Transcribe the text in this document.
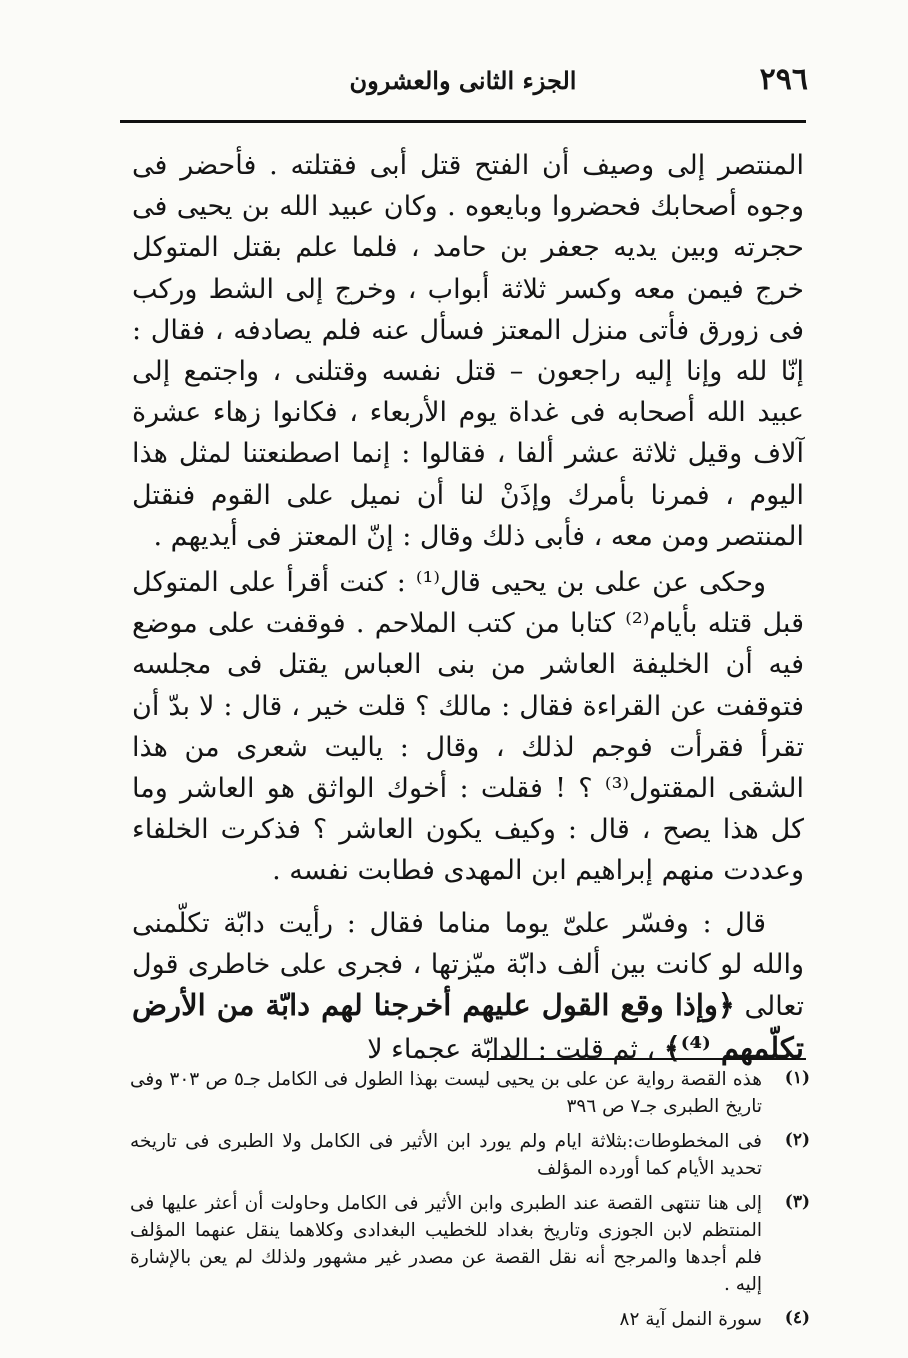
٢٩٦
الجزء الثانى والعشرون

المنتصر إلى وصيف أن الفتح قتل أبى فقتلته . فأحضر فى وجوه أصحابك فحضروا وبايعوه . وكان عبيد الله بن يحيى فى حجرته وبين يديه جعفر بن حامد ، فلما علم بقتل المتوكل خرج فيمن معه وكسر ثلاثة أبواب ، وخرج إلى الشط وركب فى زورق فأتى منزل المعتز فسأل عنه فلم يصادفه ، فقال : إنّا لله وإنا إليه راجعون – قتل نفسه وقتلنى ، واجتمع إلى عبيد الله أصحابه فى غداة يوم الأربعاء ، فكانوا زهاء عشرة آلاف وقيل ثلاثة عشر ألفا ، فقالوا : إنما اصطنعتنا لمثل هذا اليوم ، فمرنا بأمرك وإذَنْ لنا أن نميل على القوم فنقتل المنتصر ومن معه ، فأبى ذلك وقال : إنّ المعتز فى أيديهم .

وحكى عن على بن يحيى قال⁽¹⁾ : كنت أقرأ على المتوكل قبل قتله بأيام⁽²⁾ كتابا من كتب الملاحم . فوقفت على موضع فيه أن الخليفة العاشر من بنى العباس يقتل فى مجلسه فتوقفت عن القراءة فقال : مالك ؟ قلت خير ، قال : لا بدّ أن تقرأ فقرأت فوجم لذلك ، وقال : ياليت شعرى من هذا الشقى المقتول⁽³⁾ ؟ ! فقلت : أخوك الواثق هو العاشر وما كل هذا يصح ، قال : وكيف يكون العاشر ؟ فذكرت الخلفاء وعددت منهم إبراهيم ابن المهدى فطابت نفسه .

قال : وفسّر علىّ يوما مناما فقال : رأيت دابّة تكلّمنى والله لو كانت بين ألف دابّة ميّزتها ، فجرى على خاطرى قول تعالى ﴿وإذا وقع القول عليهم أخرجنا لهم دابّة من الأرض تكلّمهم ⁽⁴⁾﴾ ، ثم قلت : الدابّة عجماء لا

(١)
هذه القصة رواية عن على بن يحيى ليست بهذا الطول فى الكامل جـ٥ ص ٣٠٣ وفى تاريخ الطبرى جـ٧ ص ٣٩٦
(٢)
فى المخطوطات:بثلاثة ايام ولم يورد ابن الأثير فى الكامل ولا الطبرى فى تاريخه تحديد الأيام كما أورده المؤلف
(٣)
إلى هنا تنتهى القصة عند الطبرى وابن الأثير فى الكامل وحاولت أن أعثر عليها فى المنتظم لابن الجوزى وتاريخ بغداد للخطيب البغدادى وكلاهما ينقل عنهما المؤلف فلم أجدها والمرجح أنه نقل القصة عن مصدر غير مشهور ولذلك لم يعن بالإشارة إليه .
(٤)
سورة النمل آية ٨٢
